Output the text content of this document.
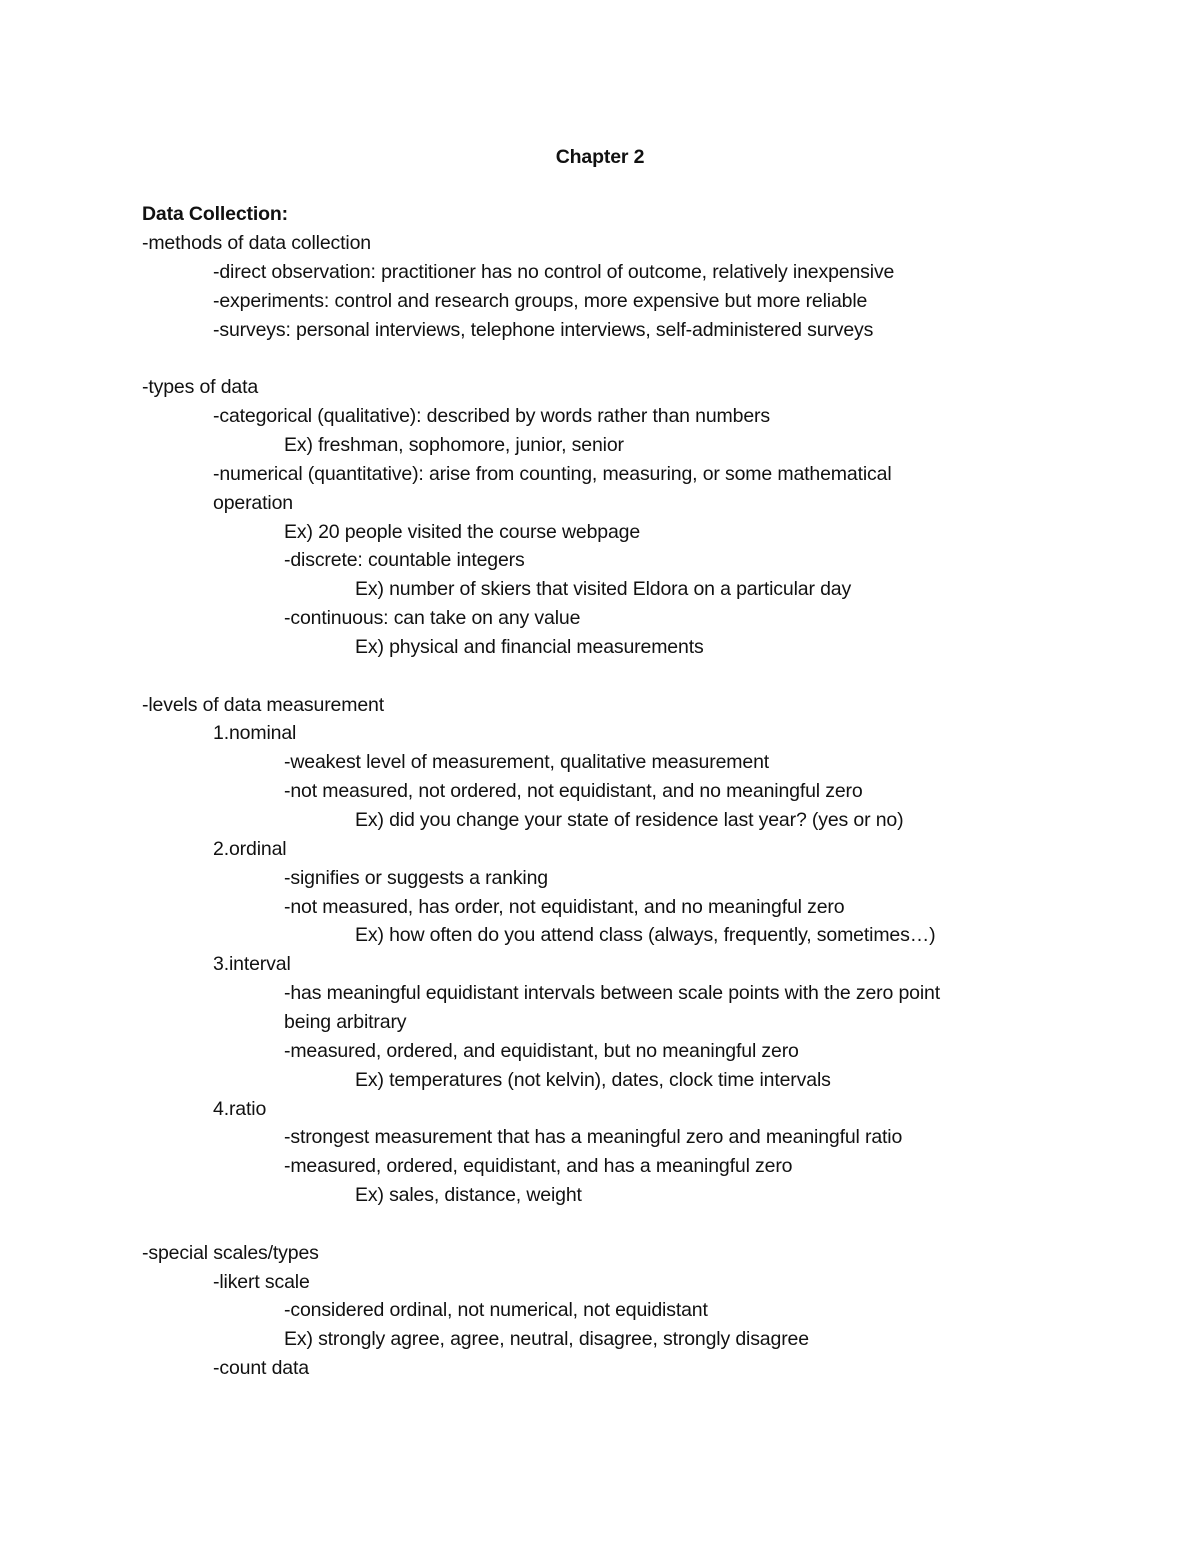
Chapter 2
Data Collection:
-methods of data collection
-direct observation: practitioner has no control of outcome, relatively inexpensive
-experiments: control and research groups, more expensive but more reliable
-surveys: personal interviews, telephone interviews, self-administered surveys
-types of data
-categorical (qualitative): described by words rather than numbers
Ex) freshman, sophomore, junior, senior
-numerical (quantitative): arise from counting, measuring, or some mathematical
operation
Ex) 20 people visited the course webpage
-discrete: countable integers
Ex) number of skiers that visited Eldora on a particular day
-continuous: can take on any value
Ex) physical and financial measurements
-levels of data measurement
1.nominal
-weakest level of measurement, qualitative measurement
-not measured, not ordered, not equidistant, and no meaningful zero
Ex) did you change your state of residence last year? (yes or no)
2.ordinal
-signifies or suggests a ranking
-not measured, has order, not equidistant, and no meaningful zero
Ex) how often do you attend class (always, frequently, sometimes…)
3.interval
-has meaningful equidistant intervals between scale points with the zero point
being arbitrary
-measured, ordered, and equidistant, but no meaningful zero
Ex) temperatures (not kelvin), dates, clock time intervals
4.ratio
-strongest measurement that has a meaningful zero and meaningful ratio
-measured, ordered, equidistant, and has a meaningful zero
Ex) sales, distance, weight
-special scales/types
-likert scale
-considered ordinal, not numerical, not equidistant
Ex) strongly agree, agree, neutral, disagree, strongly disagree
-count data
